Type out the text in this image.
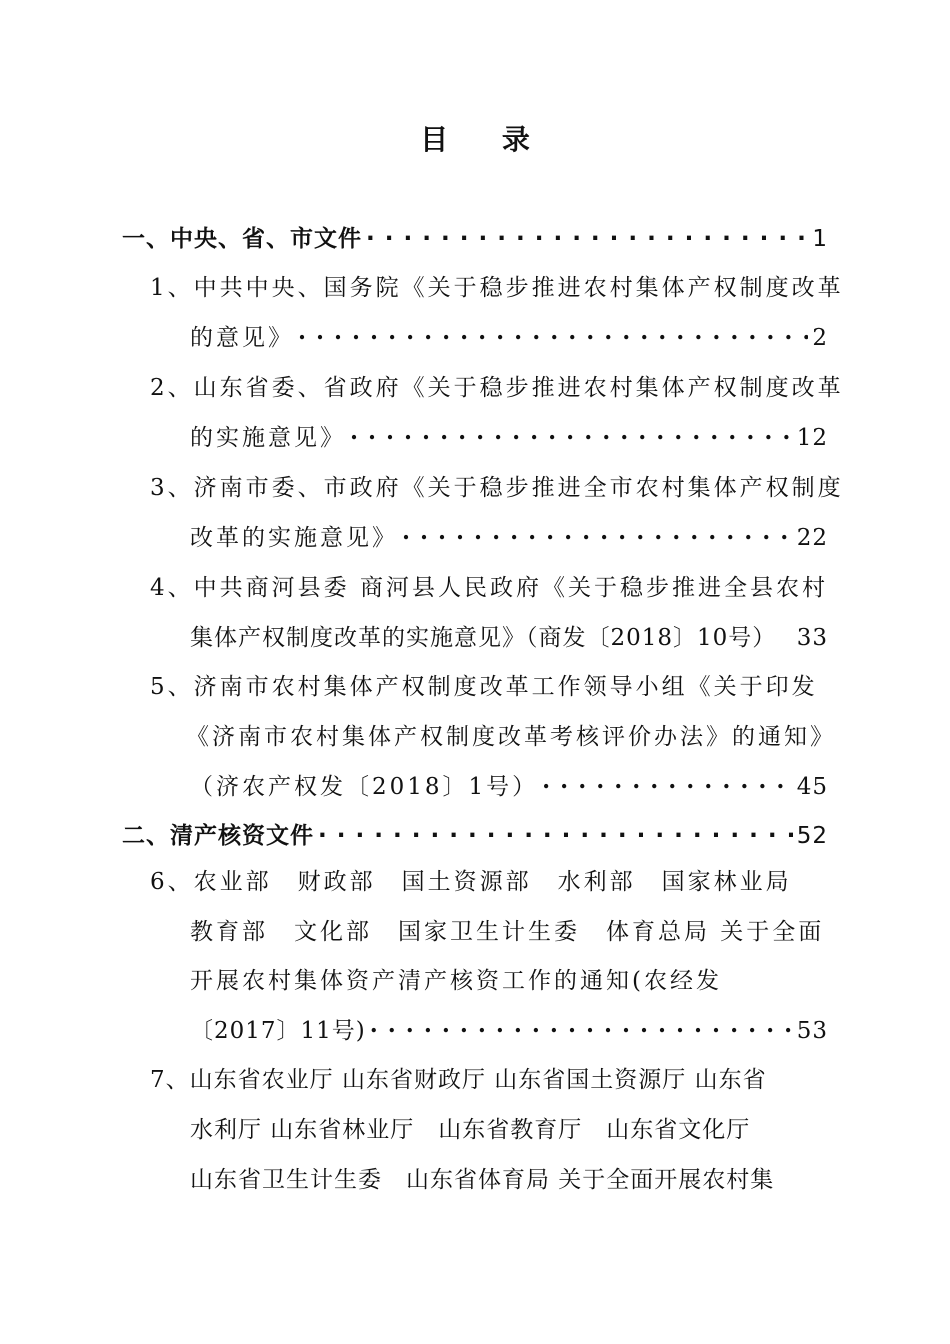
目 录
一、中央、省、市文件 . . .	1
1、中共中央、国务院《关于稳步推进农村集体产权制度改革
的意见》 . . .	2
2、山东省委、省政府《关于稳步推进农村集体产权制度改革
的实施意见》 . . .	12
3、济南市委、市政府《关于稳步推进全市农村集体产权制度
改革的实施意见》 . . .	22
4、中共商河县委 商河县人民政府《关于稳步推进全县农村
集体产权制度改革的实施意见》（商发〔2018〕10号） 33
5、济南市农村集体产权制度改革工作领导小组《关于印发
《济南市农村集体产权制度改革考核评价办法》的通知》
（济农产权发〔2018〕1号） . . .	45
二、清产核资文件 . . .	52
6、农业部　财政部　国土资源部　水利部　国家林业局
教育部　文化部　国家卫生计生委　体育总局 关于全面
开展农村集体资产清产核资工作的通知(农经发
〔2017〕11号) . . .	53
7、山东省农业厅 山东省财政厅 山东省国土资源厅 山东省
水利厅 山东省林业厅　山东省教育厅　山东省文化厅
山东省卫生计生委　山东省体育局 关于全面开展农村集
